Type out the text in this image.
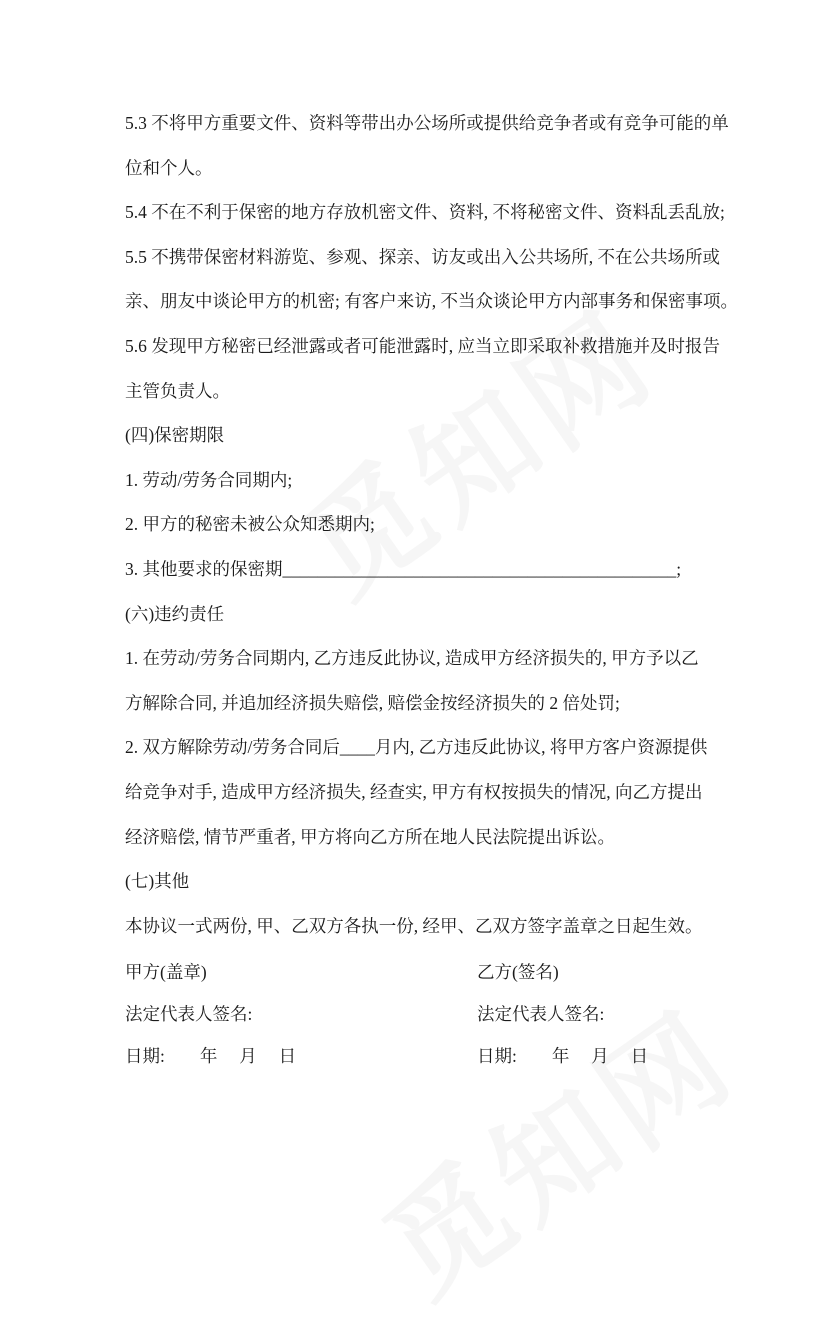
5.3 不将甲方重要文件、资料等带出办公场所或提供给竞争者或有竞争可能的单
位和个人。
5.4 不在不利于保密的地方存放机密文件、资料, 不将秘密文件、资料乱丢乱放;
5.5 不携带保密材料游览、参观、探亲、访友或出入公共场所, 不在公共场所或
亲、朋友中谈论甲方的机密; 有客户来访, 不当众谈论甲方内部事务和保密事项。
5.6 发现甲方秘密已经泄露或者可能泄露时, 应当立即采取补救措施并及时报告
主管负责人。
(四)保密期限
1. 劳动/劳务合同期内;
2. 甲方的秘密未被公众知悉期内;
3. 其他要求的保密期_____________________________________________;
(六)违约责任
1. 在劳动/劳务合同期内, 乙方违反此协议, 造成甲方经济损失的, 甲方予以乙
方解除合同, 并追加经济损失赔偿, 赔偿金按经济损失的 2 倍处罚;
2. 双方解除劳动/劳务合同后____月内, 乙方违反此协议, 将甲方客户资源提供
给竞争对手, 造成甲方经济损失, 经查实, 甲方有权按损失的情况, 向乙方提出
经济赔偿, 情节严重者, 甲方将向乙方所在地人民法院提出诉讼。
(七)其他
本协议一式两份, 甲、乙双方各执一份, 经甲、乙双方签字盖章之日起生效。
甲方(盖章)	乙方(签名)
法定代表人签名:	法定代表人签名:
日期:　　年　 月　 日	日期:　　年　 月　 日
